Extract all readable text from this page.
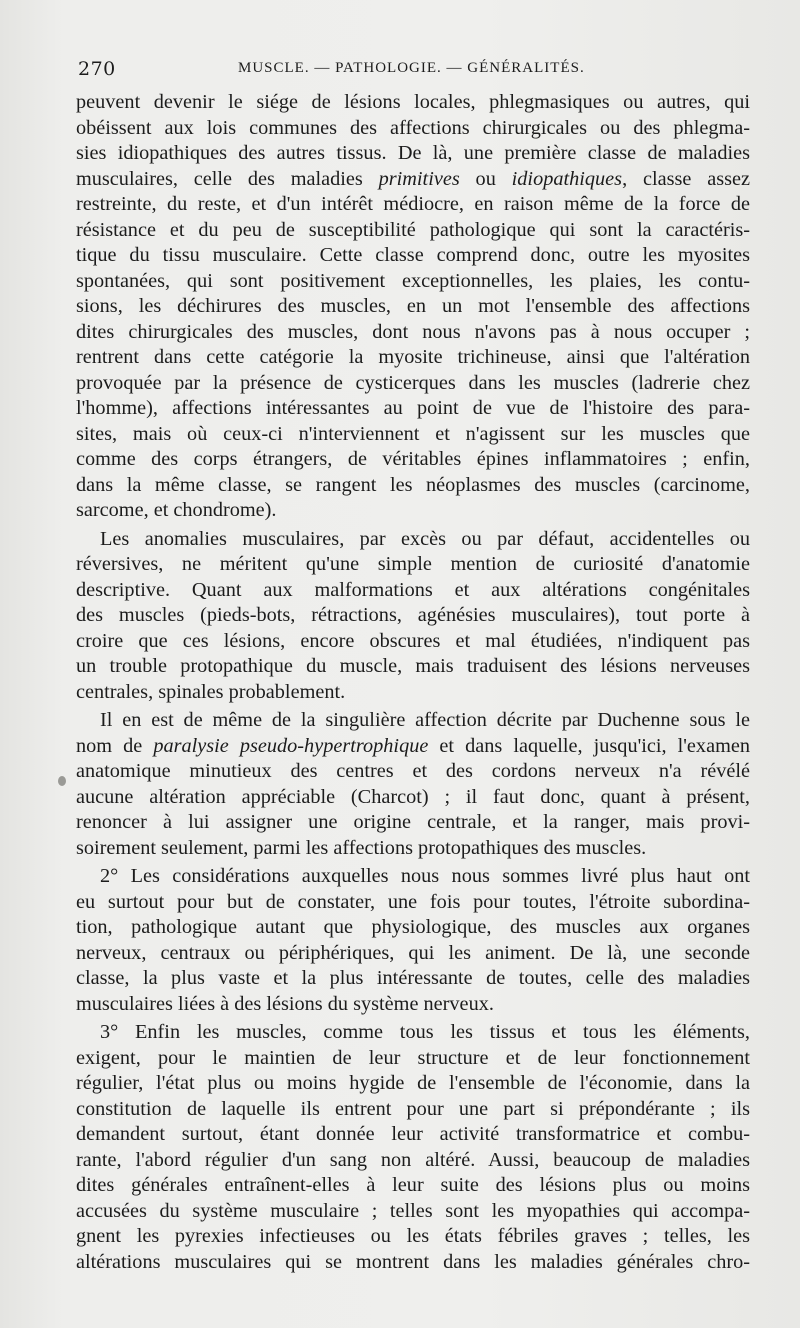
270	MUSCLE. — PATHOLOGIE. — GÉNÉRALITÉS.
peuvent devenir le siége de lésions locales, phlegmasiques ou autres, qui
obéissent aux lois communes des affections chirurgicales ou des phlegma-
sies idiopathiques des autres tissus. De là, une première classe de maladies
musculaires, celle des maladies primitives ou idiopathiques, classe assez
restreinte, du reste, et d'un intérêt médiocre, en raison même de la force de
résistance et du peu de susceptibilité pathologique qui sont la caractéris-
tique du tissu musculaire. Cette classe comprend donc, outre les myosites
spontanées, qui sont positivement exceptionnelles, les plaies, les contu-
sions, les déchirures des muscles, en un mot l'ensemble des affections
dites chirurgicales des muscles, dont nous n'avons pas à nous occuper ;
rentrent dans cette catégorie la myosite trichineuse, ainsi que l'altération
provoquée par la présence de cysticerques dans les muscles (ladrerie chez
l'homme), affections intéressantes au point de vue de l'histoire des para-
sites, mais où ceux-ci n'interviennent et n'agissent sur les muscles que
comme des corps étrangers, de véritables épines inflammatoires ; enfin,
dans la même classe, se rangent les néoplasmes des muscles (carcinome,
sarcome, et chondrome).
Les anomalies musculaires, par excès ou par défaut, accidentelles ou
réversives, ne méritent qu'une simple mention de curiosité d'anatomie
descriptive. Quant aux malformations et aux altérations congénitales
des muscles (pieds-bots, rétractions, agénésies musculaires), tout porte à
croire que ces lésions, encore obscures et mal étudiées, n'indiquent pas
un trouble protopathique du muscle, mais traduisent des lésions nerveuses
centrales, spinales probablement.
Il en est de même de la singulière affection décrite par Duchenne sous le
nom de paralysie pseudo-hypertrophique et dans laquelle, jusqu'ici, l'examen
anatomique minutieux des centres et des cordons nerveux n'a révélé
aucune altération appréciable (Charcot) ; il faut donc, quant à présent,
renoncer à lui assigner une origine centrale, et la ranger, mais provi-
soirement seulement, parmi les affections protopathiques des muscles.
2° Les considérations auxquelles nous nous sommes livré plus haut ont
eu surtout pour but de constater, une fois pour toutes, l'étroite subordina-
tion, pathologique autant que physiologique, des muscles aux organes
nerveux, centraux ou périphériques, qui les animent. De là, une seconde
classe, la plus vaste et la plus intéressante de toutes, celle des maladies
musculaires liées à des lésions du système nerveux.
3° Enfin les muscles, comme tous les tissus et tous les éléments,
exigent, pour le maintien de leur structure et de leur fonctionnement
régulier, l'état plus ou moins hygide de l'ensemble de l'économie, dans la
constitution de laquelle ils entrent pour une part si prépondérante ; ils
demandent surtout, étant donnée leur activité transformatrice et combu-
rante, l'abord régulier d'un sang non altéré. Aussi, beaucoup de maladies
dites générales entraînent-elles à leur suite des lésions plus ou moins
accusées du système musculaire ; telles sont les myopathies qui accompa-
gnent les pyrexies infectieuses ou les états fébriles graves ; telles, les
altérations musculaires qui se montrent dans les maladies générales chro-
